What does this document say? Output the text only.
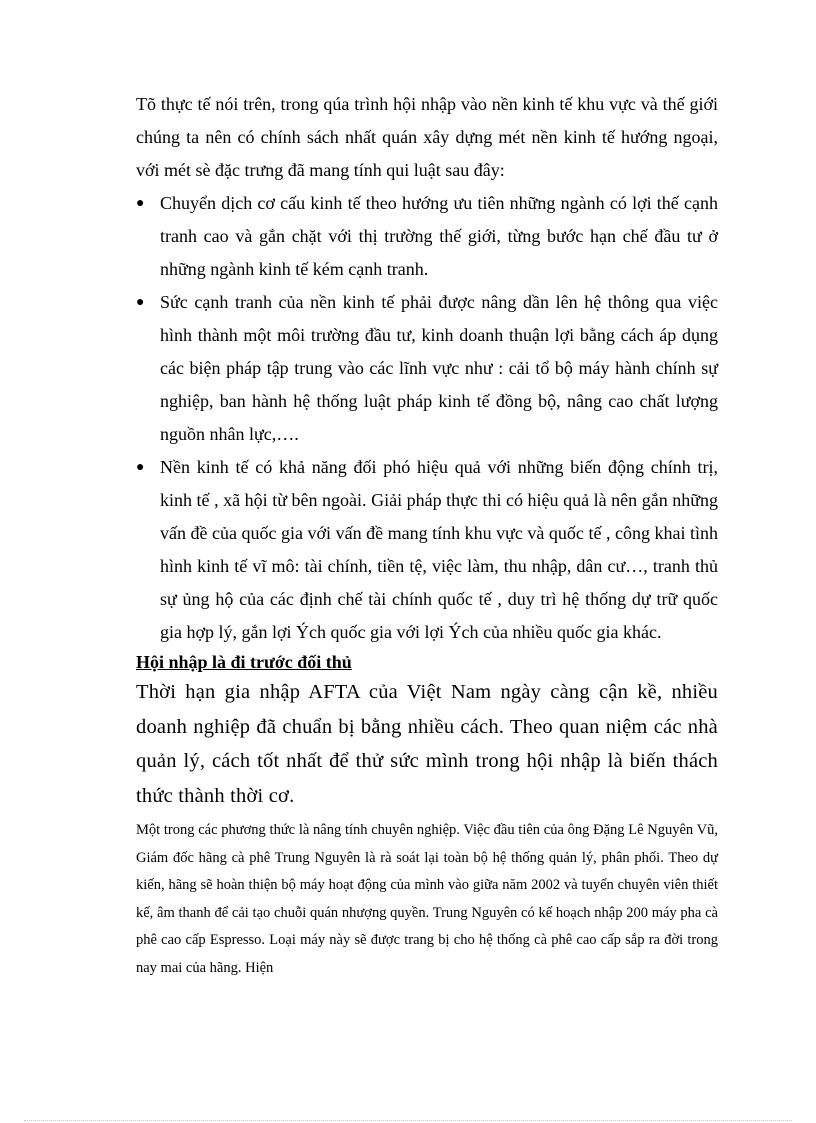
Tõ thực tế nói trên, trong qúa trình hội nhập vào nền kinh tế khu vực và thế giới chúng ta nên có chính sách nhất quán xây dựng mét nền kinh tế hướng ngoại, với mét sè đặc trưng đã mang tính qui luật sau đây:

● Chuyển dịch cơ cấu kinh tế theo hướng ưu tiên những ngành có lợi thế cạnh tranh cao và gắn chặt với thị trường thế giới, từng bước hạn chế đầu tư ở những ngành kinh tế kém cạnh tranh.
● Sức cạnh tranh của nền kinh tế phải được nâng dần lên hệ thông qua việc hình thành một môi trường đầu tư, kinh doanh thuận lợi bằng cách áp dụng các biện pháp tập trung vào các lĩnh vực như : cải tổ bộ máy hành chính sự nghiệp, ban hành hệ thống luật pháp kinh tế đồng bộ, nâng cao chất lượng nguồn nhân lực,….
● Nền kinh tế có khả năng đối phó hiệu quả với những biến động chính trị, kinh tế , xã hội từ bên ngoài. Giải pháp thực thi có hiệu quả là nên gắn những vấn đề của quốc gia với vấn đề mang tính khu vực và quốc tế , công khai tình hình kinh tế vĩ mô: tài chính, tiền tệ, việc làm, thu nhập, dân cư…, tranh thủ sự ủng hộ của các định chế tài chính quốc tế , duy trì hệ thống dự trữ quốc gia hợp lý, gắn lợi Ých quốc gia với lợi Ých của nhiều quốc gia khác.

Hội nhập là đi trước đối thủ

Thời hạn gia nhập AFTA của Việt Nam ngày càng cận kề, nhiều doanh nghiệp đã chuẩn bị bằng nhiều cách. Theo quan niệm các nhà quản lý, cách tốt nhất để thử sức mình trong hội nhập là biến thách thức thành thời cơ.

Một trong các phương thức là nâng tính chuyên nghiệp. Việc đầu tiên của ông Đặng Lê Nguyên Vũ, Giám đốc hãng cà phê Trung Nguyên là rà soát lại toàn bộ hệ thống quản lý, phân phối. Theo dự kiến, hãng sẽ hoàn thiện bộ máy hoạt động của mình vào giữa năm 2002 và tuyển chuyên viên thiết kế, âm thanh để cải tạo chuỗi quán nhượng quyền. Trung Nguyên có kế hoạch nhập 200 máy pha cà phê cao cấp Espresso. Loại máy này sẽ được trang bị cho hệ thống cà phê cao cấp sắp ra đời trong nay mai của hãng. Hiện
